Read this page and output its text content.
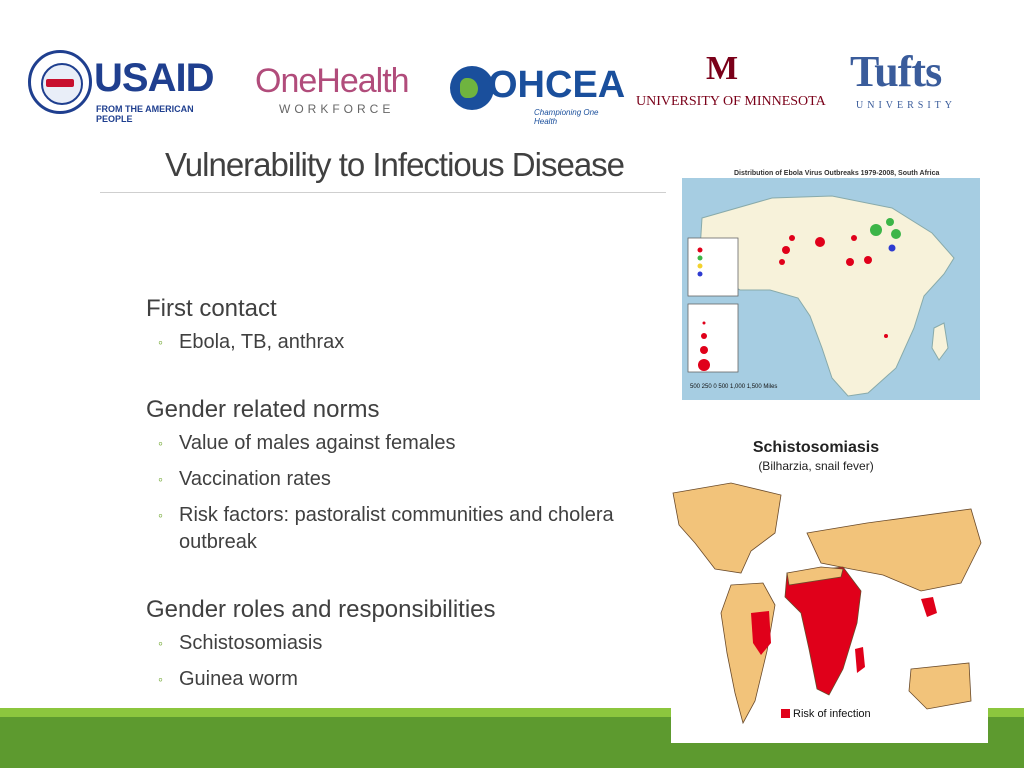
USAID
FROM THE AMERICAN PEOPLE
OneHealth
WORKFORCE
OHCEA
Championing One Health
M
UNIVERSITY OF MINNESOTA
Tufts
UNIVERSITY
Vulnerability to Infectious Disease
First contact
◦ Ebola, TB, anthrax
Gender related norms
◦ Value of males against females
◦ Vaccination rates
◦ Risk factors: pastoralist communities and cholera outbreak
Gender roles and responsibilities
◦ Schistosomiasis
◦ Guinea worm
Distribution of Ebola Virus Outbreaks 1979-2008, South Africa
500 250 0 500 1,000 1,500 Miles
Schistosomiasis
(Bilharzia, snail fever)
Risk of infection
